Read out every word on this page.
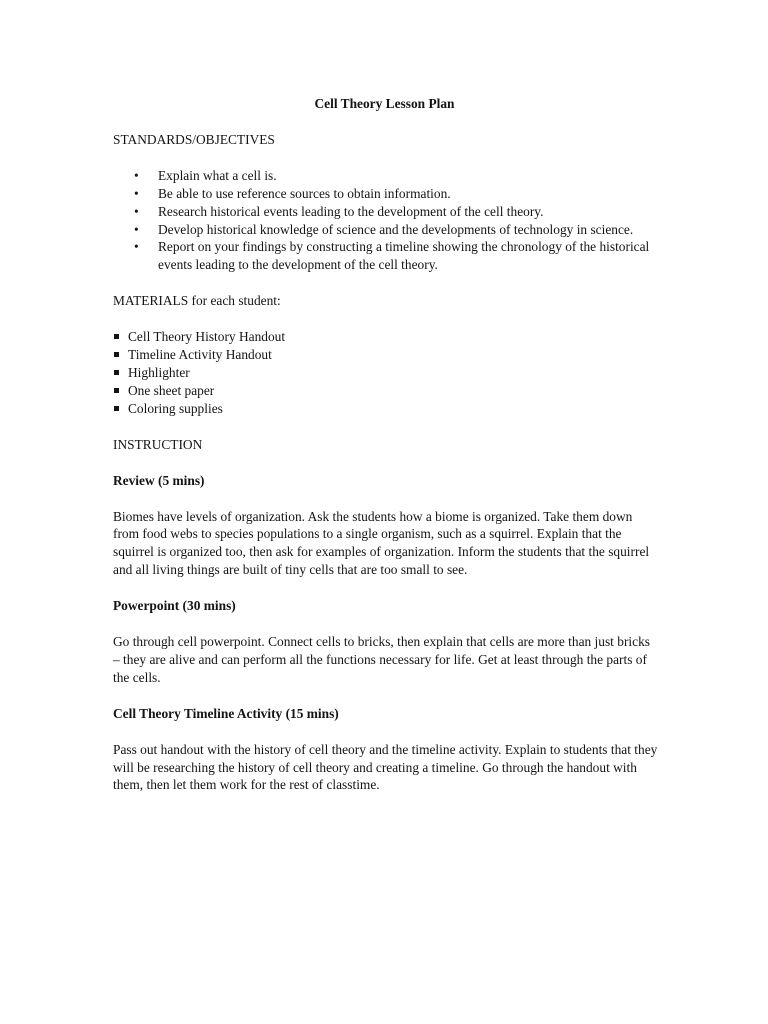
Cell Theory Lesson Plan

STANDARDS/OBJECTIVES

• Explain what a cell is.
• Be able to use reference sources to obtain information.
• Research historical events leading to the development of the cell theory.
• Develop historical knowledge of science and the developments of technology in science.
• Report on your findings by constructing a timeline showing the chronology of the historical events leading to the development of the cell theory.

MATERIALS for each student:

Cell Theory History Handout
Timeline Activity Handout
Highlighter
One sheet paper
Coloring supplies

INSTRUCTION

Review (5 mins)

Biomes have levels of organization. Ask the students how a biome is organized. Take them down from food webs to species populations to a single organism, such as a squirrel. Explain that the squirrel is organized too, then ask for examples of organization. Inform the students that the squirrel and all living things are built of tiny cells that are too small to see.

Powerpoint (30 mins)

Go through cell powerpoint. Connect cells to bricks, then explain that cells are more than just bricks – they are alive and can perform all the functions necessary for life. Get at least through the parts of the cells.

Cell Theory Timeline Activity (15 mins)

Pass out handout with the history of cell theory and the timeline activity. Explain to students that they will be researching the history of cell theory and creating a timeline. Go through the handout with them, then let them work for the rest of classtime.
